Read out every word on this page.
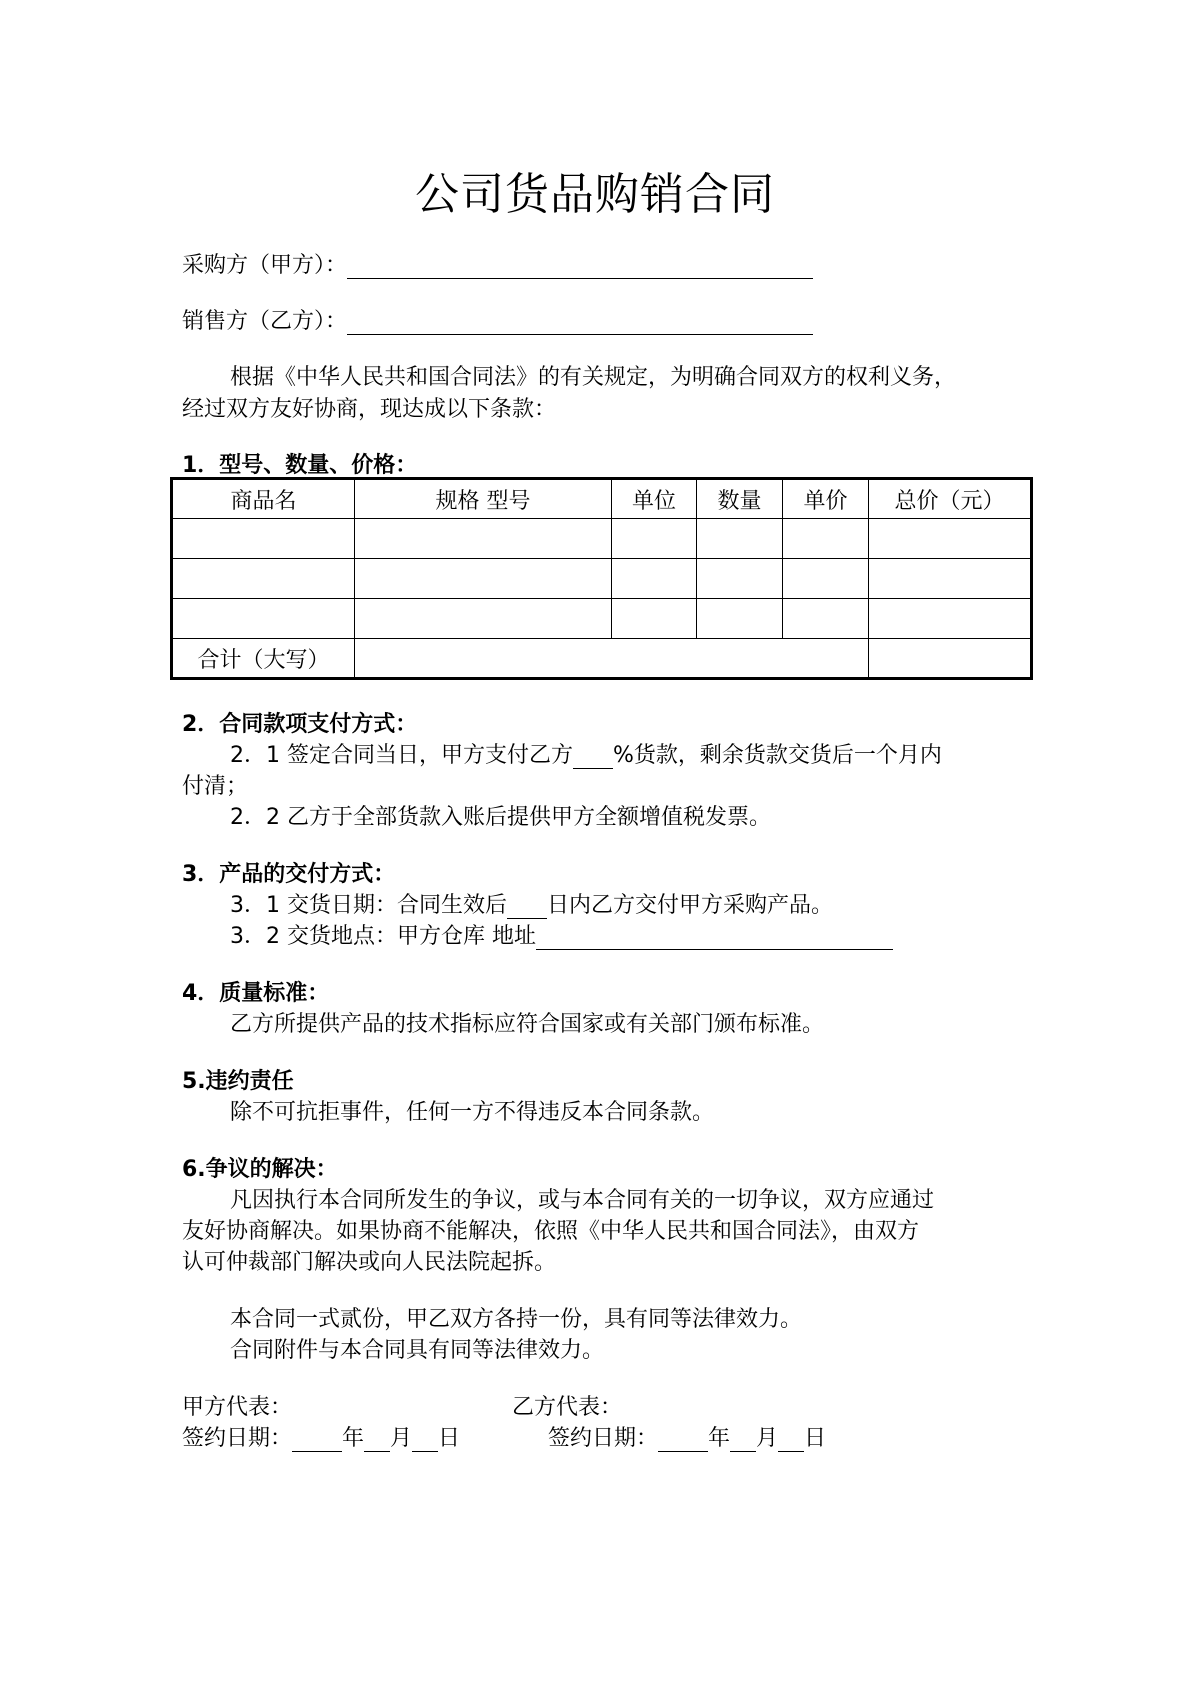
公司货品购销合同
采购方（甲方）：
销售方（乙方）：
根据《中华人民共和国合同法》的有关规定，为明确合同双方的权利义务，
经过双方友好协商，现达成以下条款：
1．型号、数量、价格：
商品名	规格 型号	单位	数量	单价	总价（元）

合计（大写）					
2．合同款项支付方式：
2．1 签定合同当日，甲方支付乙方 %货款，剩余货款交货后一个月内
付清；
2．2 乙方于全部货款入账后提供甲方全额增值税发票。
3．产品的交付方式：
3．1 交货日期：合同生效后 日内乙方交付甲方采购产品。
3．2 交货地点：甲方仓库 地址
4．质量标准：
乙方所提供产品的技术指标应符合国家或有关部门颁布标准。
5.违约责任
除不可抗拒事件，任何一方不得违反本合同条款。
6.争议的解决：
凡因执行本合同所发生的争议，或与本合同有关的一切争议，双方应通过
友好协商解决。如果协商不能解决，依照《中华人民共和国合同法》，由双方
认可仲裁部门解决或向人民法院起拆。
本合同一式贰份，甲乙双方各持一份，具有同等法律效力。
合同附件与本合同具有同等法律效力。
甲方代表：	乙方代表：
签约日期： 年 月 日	签约日期： 年 月 日
